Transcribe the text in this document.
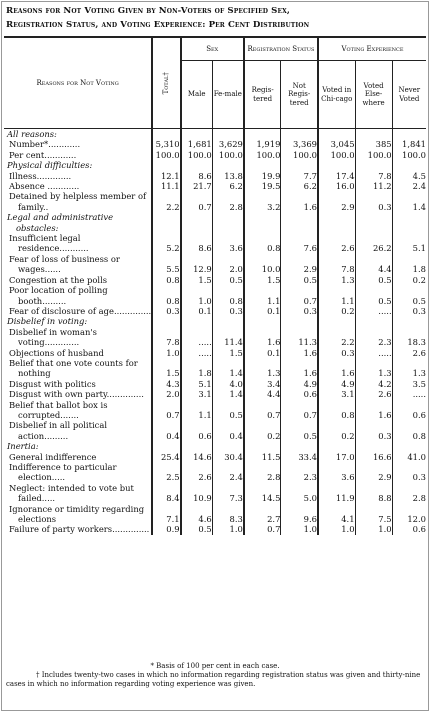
Reasons for Not Voting Given by Non-Voters of Specified Sex,
Registration Status, and Voting Experience: Per Cent Distribution
Reasons for Not Voting	Total†	Sex		Registration Status		Voting Experience		
		Male	Fe-male	Regis-tered	Not Regis-tered	Voted in Chi-cago	Voted Else-where	Never Voted

All reasons:								

Number*............	5,310	1,681	3,629	1,919	3,369	3,045	385	1,841

Per cent............	100.0	100.0	100.0	100.0	100.0	100.0	100.0	100.0

Physical difficulties:								

Illness.............	12.1	8.6	13.8	19.9	7.7	17.4	7.8	4.5

Absence ............	11.1	21.7	6.2	19.5	6.2	16.0	11.2	2.4

Detained by helpless member of family..	2.2	0.7	2.8	3.2	1.6	2.9	0.3	1.4

Legal and administrative obstacles:								

Insufficient legal residence...........	5.2	8.6	3.6	0.8	7.6	2.6	26.2	5.1

Fear of loss of business or wages......	5.5	12.9	2.0	10.0	2.9	7.8	4.4	1.8

Congestion at the polls	0.8	1.5	0.5	1.5	0.5	1.3	0.5	0.2

Poor location of polling booth.........	0.8	1.0	0.8	1.1	0.7	1.1	0.5	0.5

Fear of disclosure of age..............	0.3	0.1	0.3	0.1	0.3	0.2	.....	0.3

Disbelief in voting:								

Disbelief in woman's voting.............	7.8	.....	11.4	1.6	11.3	2.2	2.3	18.3

Objections of husband	1.0	.....	1.5	0.1	1.6	0.3	.....	2.6

Belief that one vote counts for nothing	1.5	1.8	1.4	1.3	1.6	1.6	1.3	1.3

Disgust with politics	4.3	5.1	4.0	3.4	4.9	4.9	4.2	3.5

Disgust with own party..............	2.0	3.1	1.4	4.4	0.6	3.1	2.6	.....

Belief that ballot box is corrupted.......	0.7	1.1	0.5	0.7	0.7	0.8	1.6	0.6

Disbelief in all political action.........	0.4	0.6	0.4	0.2	0.5	0.2	0.3	0.8

Inertia:								

General indifference	25.4	14.6	30.4	11.5	33.4	17.0	16.6	41.0

Indifference to particular election.....	2.5	2.6	2.4	2.8	2.3	3.6	2.9	0.3

Neglect: intended to vote but failed.....	8.4	10.9	7.3	14.5	5.0	11.9	8.8	2.8

Ignorance or timidity regarding elections	7.1	4.6	8.3	2.7	9.6	4.1	7.5	12.0

Failure of party workers..............	0.9	0.5	1.0	0.7	1.0	1.0	1.0	0.6

* Basis of 100 per cent in each case.

† Includes twenty-two cases in which no information regarding registration status was given and thirty-nine cases in which no information regarding voting experience was given.
